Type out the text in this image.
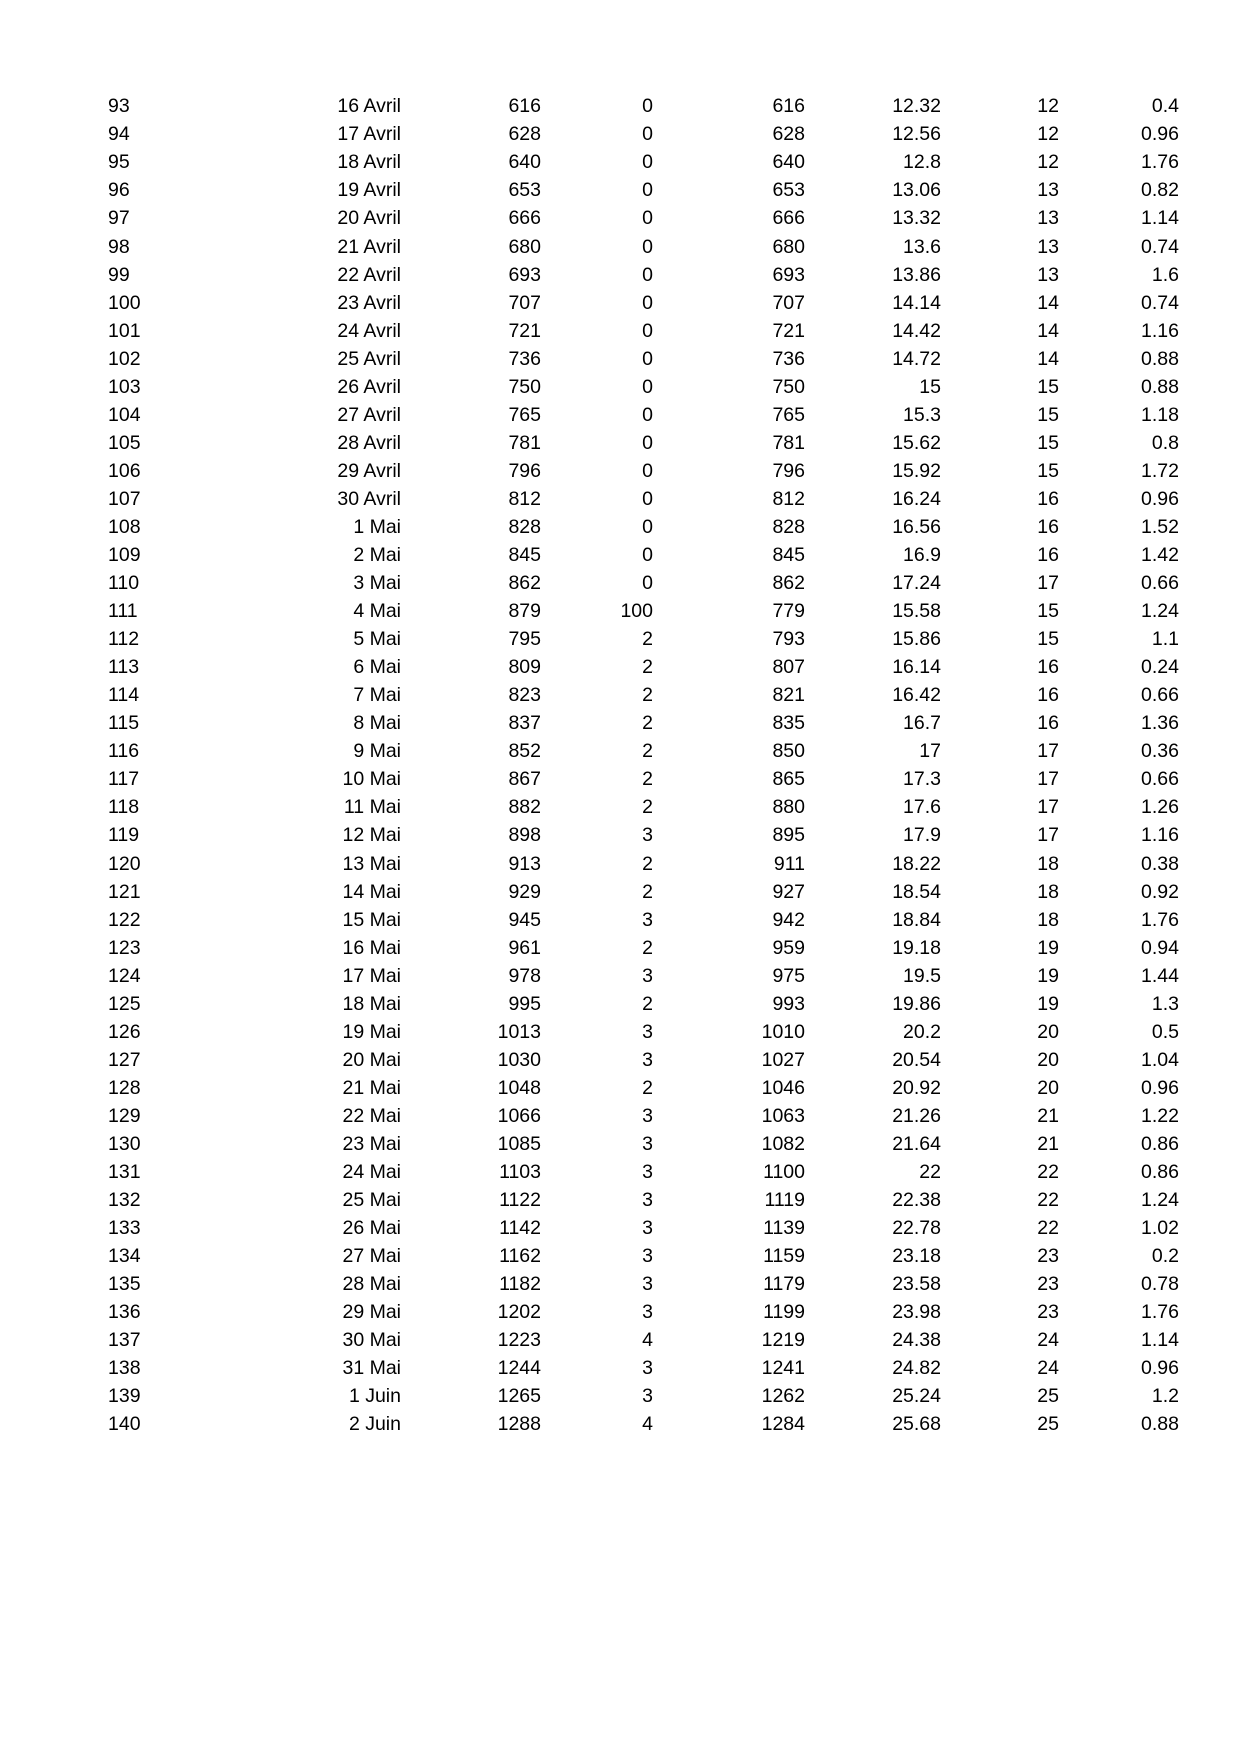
93	16 Avril	616	0	616	12.32	12	0.4
94	17 Avril	628	0	628	12.56	12	0.96
95	18 Avril	640	0	640	12.8	12	1.76
96	19 Avril	653	0	653	13.06	13	0.82
97	20 Avril	666	0	666	13.32	13	1.14
98	21 Avril	680	0	680	13.6	13	0.74
99	22 Avril	693	0	693	13.86	13	1.6
100	23 Avril	707	0	707	14.14	14	0.74
101	24 Avril	721	0	721	14.42	14	1.16
102	25 Avril	736	0	736	14.72	14	0.88
103	26 Avril	750	0	750	15	15	0.88
104	27 Avril	765	0	765	15.3	15	1.18
105	28 Avril	781	0	781	15.62	15	0.8
106	29 Avril	796	0	796	15.92	15	1.72
107	30 Avril	812	0	812	16.24	16	0.96
108	1 Mai	828	0	828	16.56	16	1.52
109	2 Mai	845	0	845	16.9	16	1.42
110	3 Mai	862	0	862	17.24	17	0.66
111	4 Mai	879	100	779	15.58	15	1.24
112	5 Mai	795	2	793	15.86	15	1.1
113	6 Mai	809	2	807	16.14	16	0.24
114	7 Mai	823	2	821	16.42	16	0.66
115	8 Mai	837	2	835	16.7	16	1.36
116	9 Mai	852	2	850	17	17	0.36
117	10 Mai	867	2	865	17.3	17	0.66
118	11 Mai	882	2	880	17.6	17	1.26
119	12 Mai	898	3	895	17.9	17	1.16
120	13 Mai	913	2	911	18.22	18	0.38
121	14 Mai	929	2	927	18.54	18	0.92
122	15 Mai	945	3	942	18.84	18	1.76
123	16 Mai	961	2	959	19.18	19	0.94
124	17 Mai	978	3	975	19.5	19	1.44
125	18 Mai	995	2	993	19.86	19	1.3
126	19 Mai	1013	3	1010	20.2	20	0.5
127	20 Mai	1030	3	1027	20.54	20	1.04
128	21 Mai	1048	2	1046	20.92	20	0.96
129	22 Mai	1066	3	1063	21.26	21	1.22
130	23 Mai	1085	3	1082	21.64	21	0.86
131	24 Mai	1103	3	1100	22	22	0.86
132	25 Mai	1122	3	1119	22.38	22	1.24
133	26 Mai	1142	3	1139	22.78	22	1.02
134	27 Mai	1162	3	1159	23.18	23	0.2
135	28 Mai	1182	3	1179	23.58	23	0.78
136	29 Mai	1202	3	1199	23.98	23	1.76
137	30 Mai	1223	4	1219	24.38	24	1.14
138	31 Mai	1244	3	1241	24.82	24	0.96
139	1 Juin	1265	3	1262	25.24	25	1.2
140	2 Juin	1288	4	1284	25.68	25	0.88
